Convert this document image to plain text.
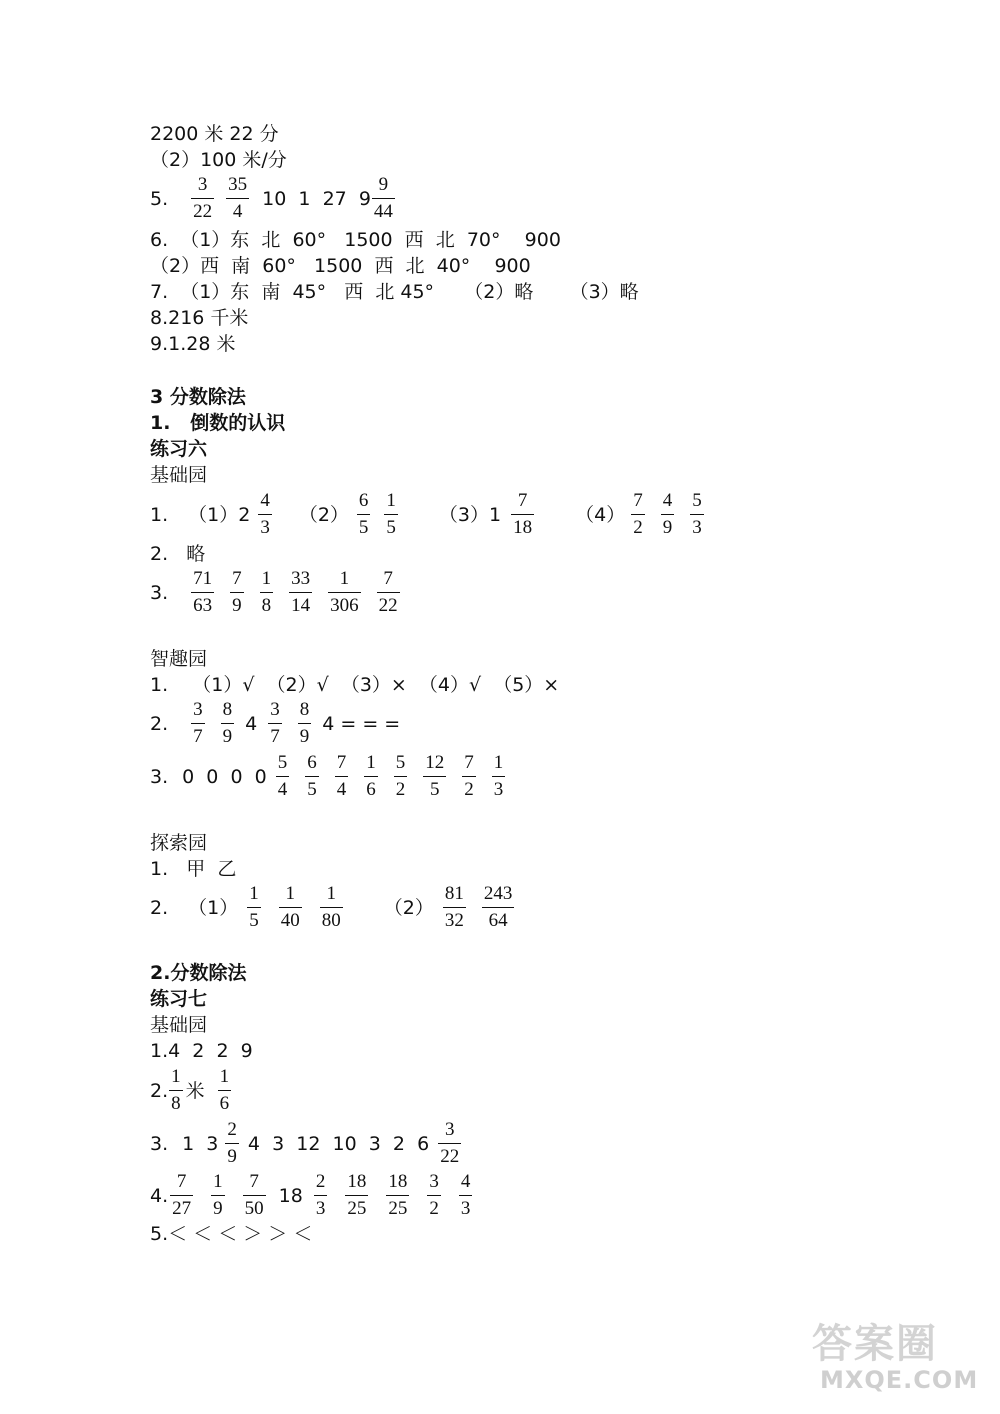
2200 米 22 分
（2）100 米/分
5. $\frac{3}{22} \frac{35}{4} 10$  1  27  $9 \frac{9}{44}$
6.  （1）东  北  60°   1500  西  北  70°    900
（2）西  南  60°   1500  西  北  40°    900
7.  （1）东  南  45°   西  北 45°     （2）略      （3）略
8.216 千米
9.1.28 米
3 分数除法
1.   倒数的认识
练习六
基础园
1. $(1)2 \frac{4}{3} (2) \frac{6}{5} \frac{1}{5} (3)1 \frac{7}{18} (4) \frac{7}{2} \frac{4}{9} \frac{5}{3}$
2.   略
3. $\frac{71}{63} \frac{7}{9} \frac{1}{8} \frac{33}{14} \frac{1}{306} \frac{7}{22}$
智趣园
1.    （1）√  （2）√  （3）×  （4）√  （5）×
2. $\frac{3}{7} \frac{8}{9} 4 \frac{3}{7} \frac{8}{9} 4$ = = =
3. 0  0  0  $0 \frac{5}{4} \frac{6}{5} \frac{7}{4} \frac{1}{6} \frac{5}{2} \frac{12}{5} \frac{7}{2} \frac{1}{3}$
探索园
1.   甲  乙
2. $(1) \frac{1}{5} \frac{1}{40} \frac{1}{80} (2) \frac{81}{32} \frac{243}{64}$
2.分数除法
练习七
基础园
1.4  2  2  9
2. $\frac{1}{8}$ 米 $\frac{1}{6}$
3. 1  $3 \frac{2}{9} 4$  3  12  10  3  2  $6 \frac{3}{22}$
4. $\frac{7}{27} \frac{1}{9} \frac{7}{50} 18 \frac{2}{3} \frac{18}{25} \frac{18}{25} \frac{3}{2} \frac{4}{3}$
5.＜ ＜ ＜ ＞ ＞ ＜
答案圈
MXQE.COM
